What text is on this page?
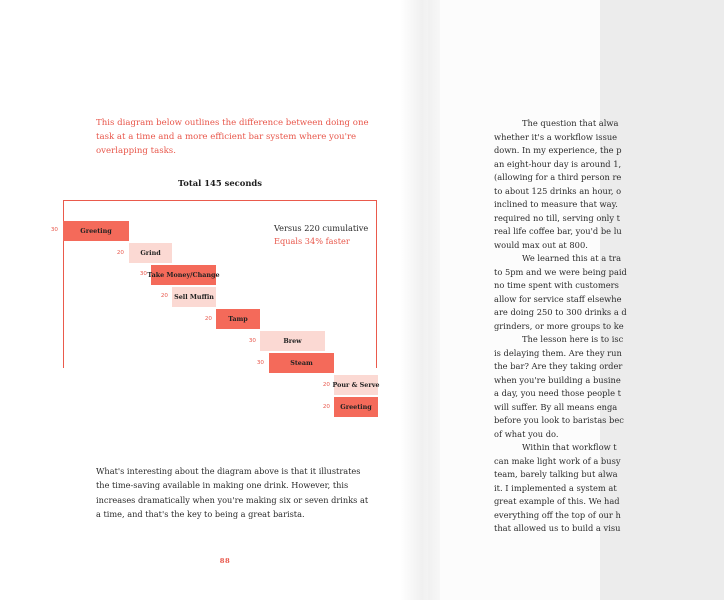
This diagram below outlines the difference between doing one task at a time and a more efficient bar system where you're overlapping tasks.
Total 145 seconds
Versus 220 cumulative
Equals 34% faster
30	Greeting
20	Grind
30 Take Money/Change
20 Sell Muffin
20	Tamp
30	Brew
30	Steam
20 Pour & Serve
20	Greeting
What's interesting about the diagram above is that it illustrates the time-saving available in making one drink. However, this increases dramatically when you're making six or seven drinks at a time, and that's the key to being a great barista.
88
The question that alwa
whether it's a workflow issue
down. In my experience, the p
an eight-hour day is around 1,
(allowing for a third person re
to about 125 drinks an hour, o
inclined to measure that way.
required no till, serving only t
real life coffee bar, you'd be lu
would max out at 800.
We learned this at a tra
to 5pm and we were being paid
no time spent with customers
allow for service staff elsewhe
are doing 250 to 300 drinks a d
grinders, or more groups to ke
The lesson here is to isc
is delaying them. Are they run
the bar? Are they taking order
when you're building a busine
a day, you need those people t
will suffer. By all means enga
before you look to baristas bec
of what you do.
Within that workflow t
can make light work of a busy
team, barely talking but alwa
it. I implemented a system at
great example of this. We had
everything off the top of our h
that allowed us to build a visu
